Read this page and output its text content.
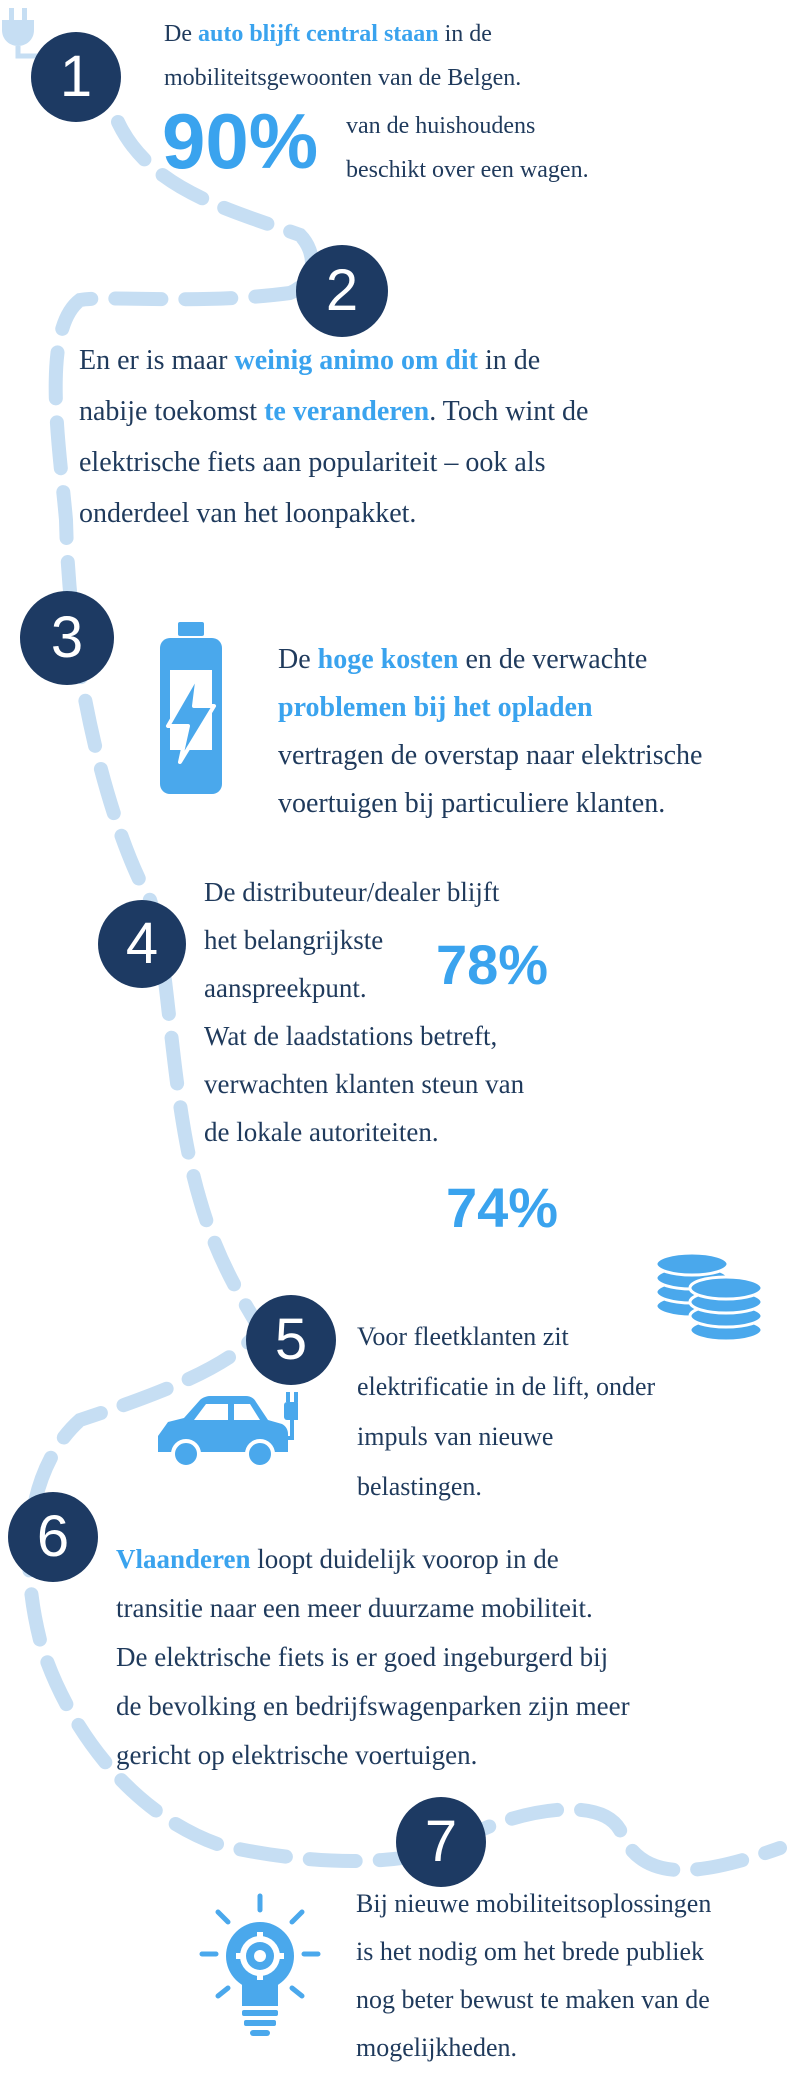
1
De auto blijft central staan in de
mobiliteitsgewoonten van de Belgen.
90% van de huishoudens
beschikt over een wagen.
2
En er is maar weinig animo om dit in de
nabije toekomst te veranderen. Toch wint de
elektrische fiets aan populariteit – ook als
onderdeel van het loonpakket.
3	De hoge kosten en de verwachte
problemen bij het opladen
vertragen de overstap naar elektrische
voertuigen bij particuliere klanten.
4
De distributeur/dealer blijft
het belangrijkste
aanspreekpunt.
Wat de laadstations betreft,
verwachten klanten steun van
de lokale autoriteiten.
78%
74%
5 Voor fleetklanten zit
elektrificatie in de lift, onder
impuls van nieuwe
belastingen.
6 Vlaanderen loopt duidelijk voorop in de
transitie naar een meer duurzame mobiliteit.
De elektrische fiets is er goed ingeburgerd bij
de bevolking en bedrijfswagenparken zijn meer
gericht op elektrische voertuigen.
7
Bij nieuwe mobiliteitsoplossingen
is het nodig om het brede publiek
nog beter bewust te maken van de
mogelijkheden.
